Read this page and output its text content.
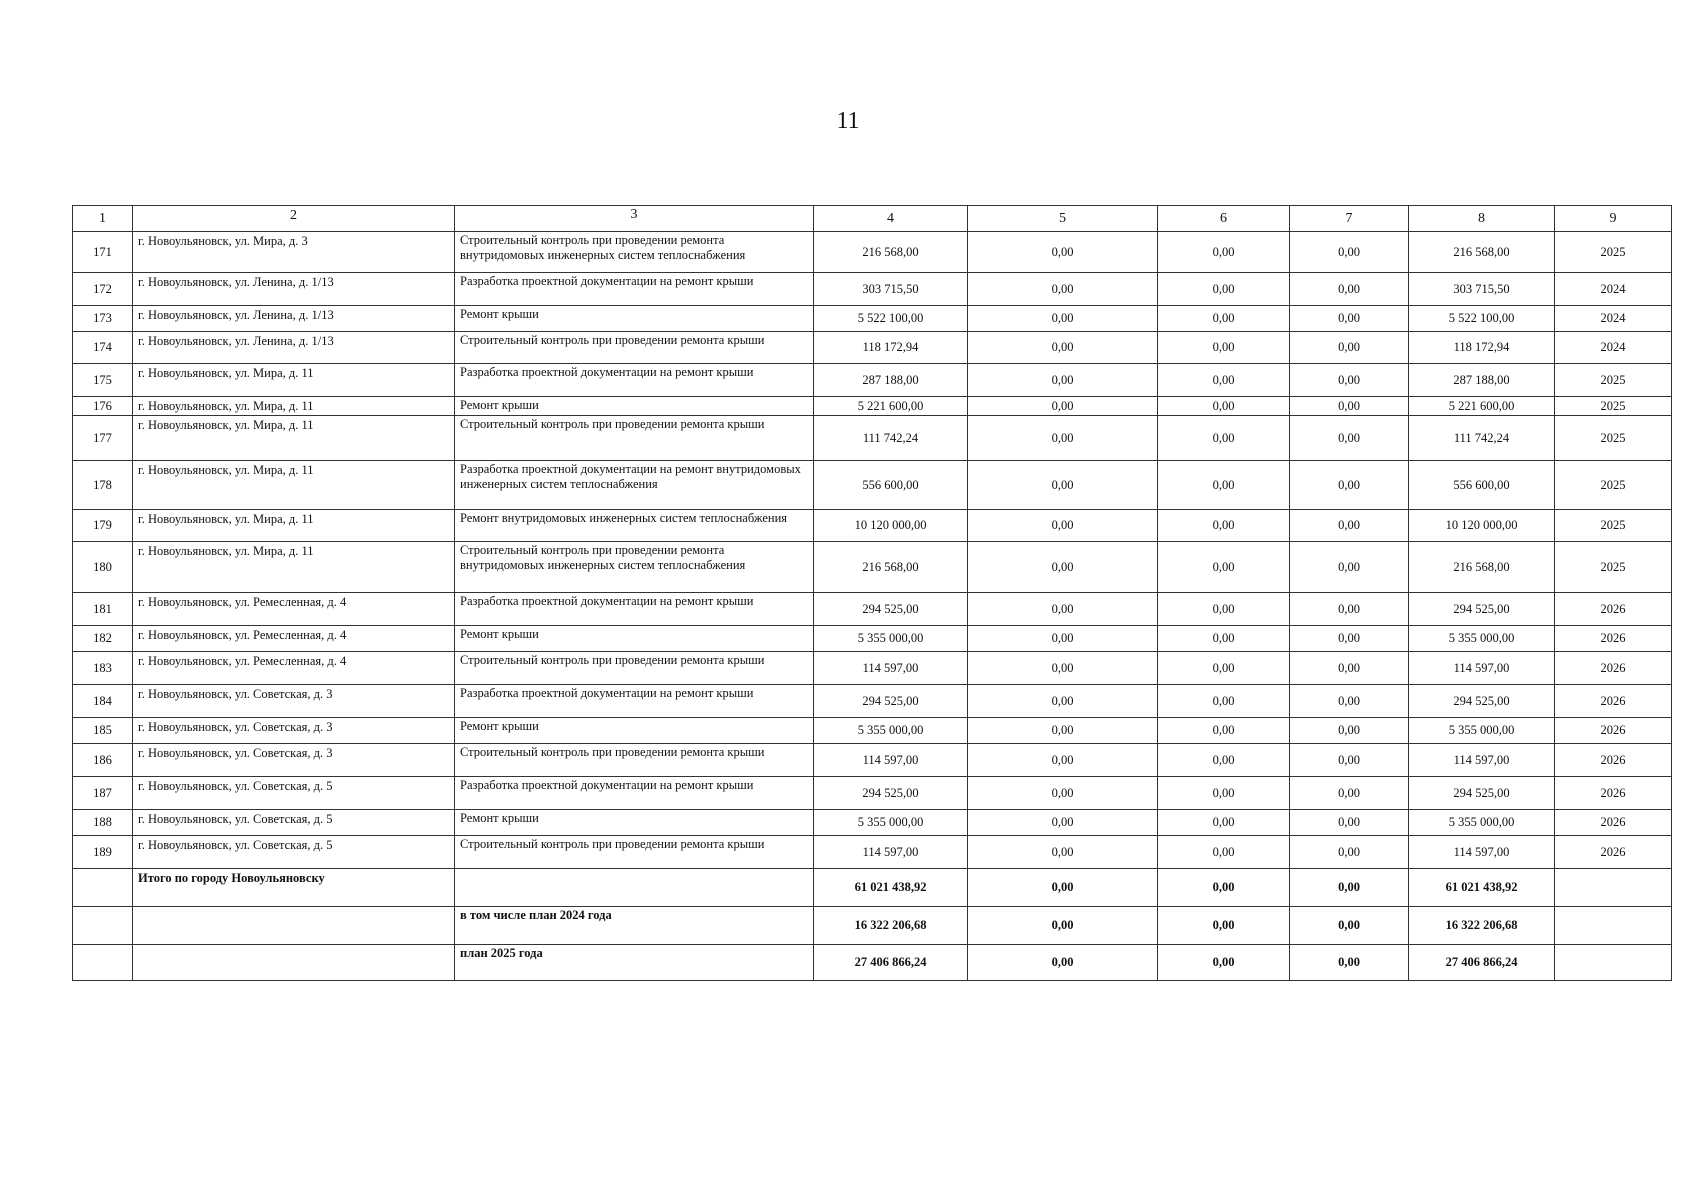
11
1	2	3	4	5	6	7	8	9
171	г. Новоульяновск, ул. Мира, д. 3	Строительный контроль при проведении ремонта внутридомовых инженерных систем теплоснабжения	216 568,00	0,00	0,00	0,00	216 568,00	2025
172	г. Новоульяновск, ул. Ленина, д. 1/13	Разработка проектной документации на ремонт крыши	303 715,50	0,00	0,00	0,00	303 715,50	2024
173	г. Новоульяновск, ул. Ленина, д. 1/13	Ремонт крыши	5 522 100,00	0,00	0,00	0,00	5 522 100,00	2024
174	г. Новоульяновск, ул. Ленина, д. 1/13	Строительный контроль при проведении ремонта крыши	118 172,94	0,00	0,00	0,00	118 172,94	2024
175	г. Новоульяновск, ул. Мира, д. 11	Разработка проектной документации на ремонт крыши	287 188,00	0,00	0,00	0,00	287 188,00	2025
176	г. Новоульяновск, ул. Мира, д. 11	Ремонт крыши	5 221 600,00	0,00	0,00	0,00	5 221 600,00	2025
177	г. Новоульяновск, ул. Мира, д. 11	Строительный контроль при проведении ремонта крыши	111 742,24	0,00	0,00	0,00	111 742,24	2025
178	г. Новоульяновск, ул. Мира, д. 11	Разработка проектной документации на ремонт внутридомовых инженерных систем теплоснабжения	556 600,00	0,00	0,00	0,00	556 600,00	2025
179	г. Новоульяновск, ул. Мира, д. 11	Ремонт внутридомовых инженерных систем теплоснабжения	10 120 000,00	0,00	0,00	0,00	10 120 000,00	2025
180	г. Новоульяновск, ул. Мира, д. 11	Строительный контроль при проведении ремонта внутридомовых инженерных систем теплоснабжения	216 568,00	0,00	0,00	0,00	216 568,00	2025
181	г. Новоульяновск, ул. Ремесленная, д. 4	Разработка проектной документации на ремонт крыши	294 525,00	0,00	0,00	0,00	294 525,00	2026
182	г. Новоульяновск, ул. Ремесленная, д. 4	Ремонт крыши	5 355 000,00	0,00	0,00	0,00	5 355 000,00	2026
183	г. Новоульяновск, ул. Ремесленная, д. 4	Строительный контроль при проведении ремонта крыши	114 597,00	0,00	0,00	0,00	114 597,00	2026
184	г. Новоульяновск, ул. Советская, д. 3	Разработка проектной документации на ремонт крыши	294 525,00	0,00	0,00	0,00	294 525,00	2026
185	г. Новоульяновск, ул. Советская, д. 3	Ремонт крыши	5 355 000,00	0,00	0,00	0,00	5 355 000,00	2026
186	г. Новоульяновск, ул. Советская, д. 3	Строительный контроль при проведении ремонта крыши	114 597,00	0,00	0,00	0,00	114 597,00	2026
187	г. Новоульяновск, ул. Советская, д. 5	Разработка проектной документации на ремонт крыши	294 525,00	0,00	0,00	0,00	294 525,00	2026
188	г. Новоульяновск, ул. Советская, д. 5	Ремонт крыши	5 355 000,00	0,00	0,00	0,00	5 355 000,00	2026
189	г. Новоульяновск, ул. Советская, д. 5	Строительный контроль при проведении ремонта крыши	114 597,00	0,00	0,00	0,00	114 597,00	2026
	Итого по городу Новоульяновску		61 021 438,92	0,00	0,00	0,00	61 021 438,92	
		в том числе план 2024 года	16 322 206,68	0,00	0,00	0,00	16 322 206,68	
		план 2025 года	27 406 866,24	0,00	0,00	0,00	27 406 866,24	
